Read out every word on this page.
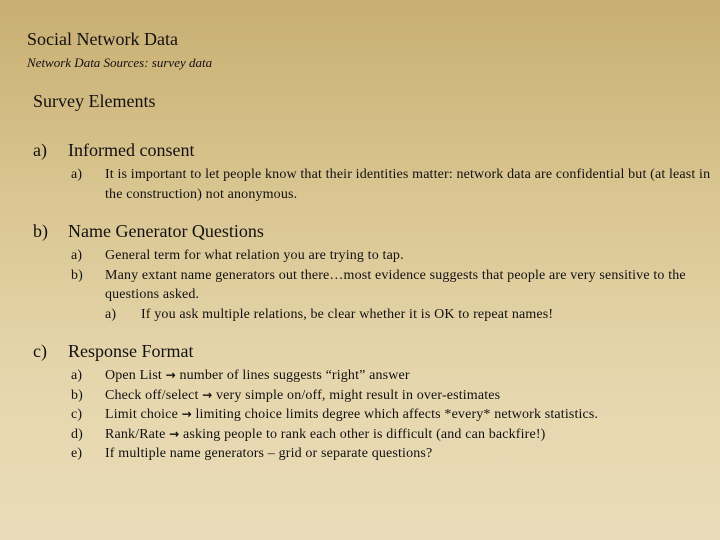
Social Network Data
Network Data Sources: survey data
Survey Elements
a) Informed consent
a) It is important to let people know that their identities matter: network data are confidential but (at least in the construction) not anonymous.
b) Name Generator Questions
a) General term for what relation you are trying to tap.
b) Many extant name generators out there…most evidence suggests that people are very sensitive to the questions asked.
a) If you ask multiple relations, be clear whether it is OK to repeat names!
c) Response Format
a) Open List → number of lines suggests “right” answer
b) Check off/select → very simple on/off, might result in over-estimates
c) Limit choice → limiting choice limits degree which affects *every* network statistics.
d) Rank/Rate → asking people to rank each other is difficult (and can backfire!)
e) If multiple name generators – grid or separate questions?
